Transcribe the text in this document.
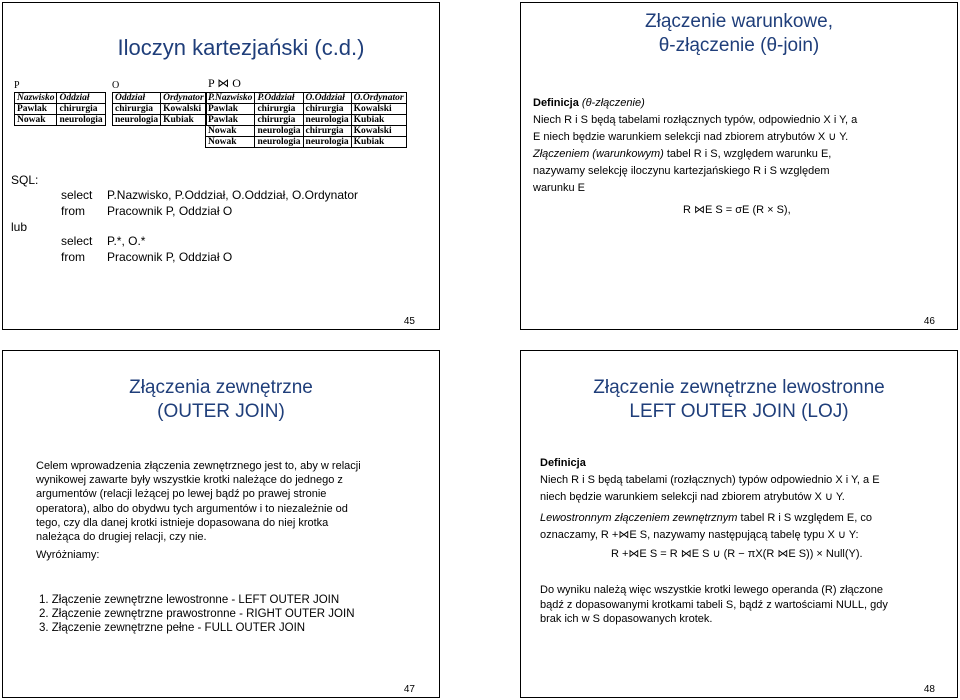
Iloczyn kartezjański (c.d.)
P	O	P ⋈ O
Nazwisko	Oddział
Pawlak	chirurgia
Nowak	neurologia
Oddział	Ordynator
chirurgia	Kowalski
neurologia	Kubiak
P.Nazwisko	P.Oddział	O.Oddział	O.Ordynator
Pawlak	chirurgia	chirurgia	Kowalski
Pawlak	chirurgia	neurologia	Kubiak
Nowak	neurologia	chirurgia	Kowalski
Nowak	neurologia	neurologia	Kubiak
SQL:
select P.Nazwisko, P.Oddział, O.Oddział, O.Ordynator
from Pracownik P, Oddział O
lub
select P.*, O.*
from Pracownik P, Oddział O
45
Złączenie warunkowe,
θ-złączenie (θ-join)
Definicja (θ-złączenie)
Niech R i S będą tabelami rozłącznych typów, odpowiednio X i Y, a
E niech będzie warunkiem selekcji nad zbiorem atrybutów X ∪ Y.
Złączeniem (warunkowym) tabel R i S, względem warunku E,
nazywamy selekcję iloczynu kartezjańskiego R i S względem
warunku E
R ⋈E S = σE (R × S),
46
Złączenia zewnętrzne
(OUTER JOIN)
Celem wprowadzenia złączenia zewnętrznego jest to, aby w relacji
wynikowej zawarte były wszystkie krotki należące do jednego z
argumentów (relacji leżącej po lewej bądź po prawej stronie
operatora), albo do obydwu tych argumentów i to niezależnie od
tego, czy dla danej krotki istnieje dopasowana do niej krotka
należąca do drugiej relacji, czy nie.
Wyróżniamy:
1. Złączenie zewnętrzne lewostronne - LEFT OUTER JOIN
2. Złączenie zewnętrzne prawostronne - RIGHT OUTER JOIN
3. Złączenie zewnętrzne pełne - FULL OUTER JOIN
47
Złączenie zewnętrzne lewostronne
LEFT OUTER JOIN (LOJ)
Definicja
Niech R i S będą tabelami (rozłącznych) typów odpowiednio X i Y, a E
niech będzie warunkiem selekcji nad zbiorem atrybutów X ∪ Y.
Lewostronnym złączeniem zewnętrznym tabel R i S względem E, co
oznaczamy, R +⋈E S, nazywamy następującą tabelę typu X ∪ Y:
R +⋈E S = R ⋈E S ∪ (R − πX(R ⋈E S)) × Null(Y).
Do wyniku należą więc wszystkie krotki lewego operanda (R) złączone
bądź z dopasowanymi krotkami tabeli S, bądź z wartościami NULL, gdy
brak ich w S dopasowanych krotek.
48
